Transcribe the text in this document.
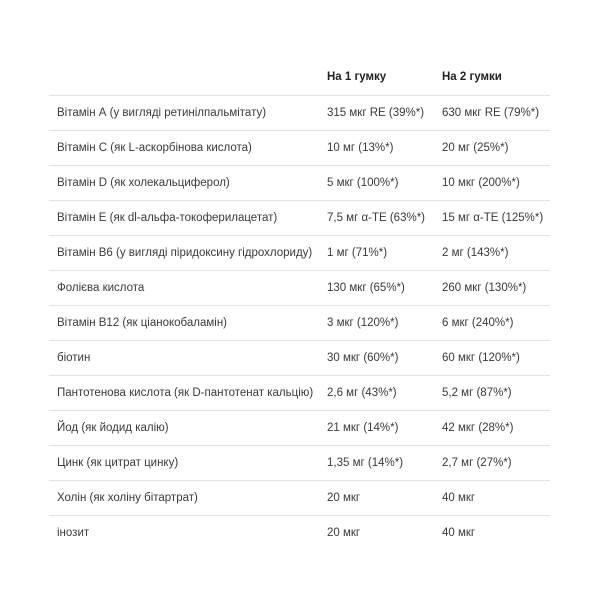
	На 1 гумку	На 2 гумки
Вітамін А (у вигляді ретинілпальмітату)	315 мкг RE (39%*)	630 мкг RE (79%*)
Вітамін С (як L-аскорбінова кислота)	10 мг (13%*)	20 мг (25%*)
Вітамін D (як холекальциферол)	5 мкг (100%*)	10 мкг (200%*)
Вітамін Е (як dl-альфа-токоферилацетат)	7,5 мг α-TE (63%*)	15 мг α-TE (125%*)
Вітамін В6 (у вигляді піридоксину гідрохлориду)	1 мг (71%*)	2 мг (143%*)
Фолієва кислота	130 мкг (65%*)	260 мкг (130%*)
Вітамін В12 (як ціанокобаламін)	3 мкг (120%*)	6 мкг (240%*)
біотин	30 мкг (60%*)	60 мкг (120%*)
Пантотенова кислота (як D-пантотенат кальцію)	2,6 мг (43%*)	5,2 мг (87%*)
Йод (як йодид калію)	21 мкг (14%*)	42 мкг (28%*)
Цинк (як цитрат цинку)	1,35 мг (14%*)	2,7 мг (27%*)
Холін (як холіну бітартрат)	20 мкг	40 мкг
інозит	20 мкг	40 мкг
